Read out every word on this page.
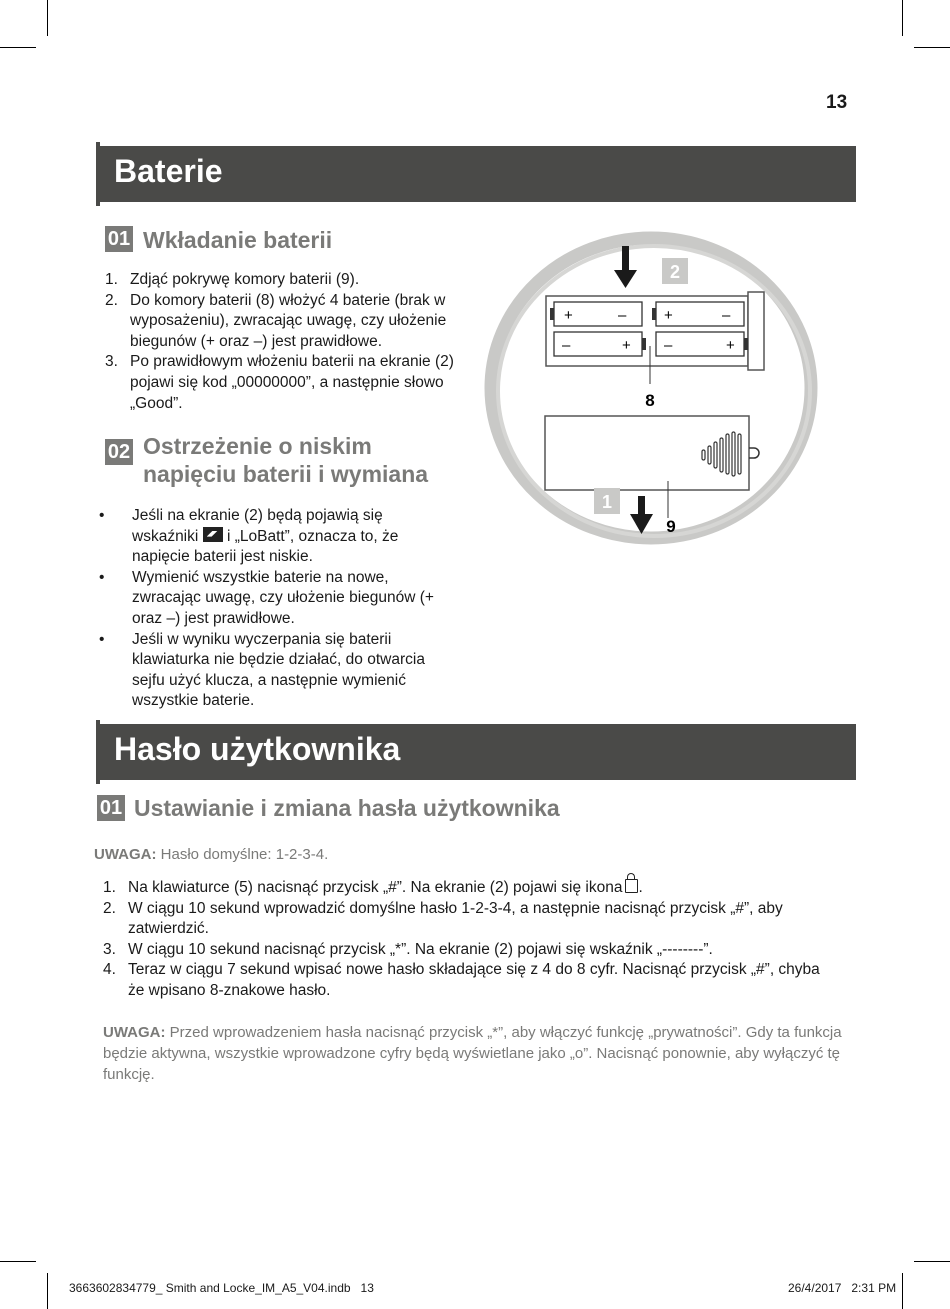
13
Baterie
01 Wkładanie baterii
1. Zdjąć pokrywę komory baterii (9).
2. Do komory baterii (8) włożyć 4 baterie (brak w wyposażeniu), zwracając uwagę, czy ułożenie biegunów (+ oraz –) jest prawidłowe.
3. Po prawidłowym włożeniu baterii na ekranie (2) pojawi się kod „00000000”, a następnie słowo „Good”.
02 Ostrzeżenie o niskim
napięciu baterii i wymiana
• Jeśli na ekranie (2) będą pojawią się wskaźniki i „LoBatt”, oznacza to, że napięcie baterii jest niskie.
• Wymienić wszystkie baterie na nowe, zwracając uwagę, czy ułożenie biegunów (+ oraz –) jest prawidłowe.
• Jeśli w wyniku wyczerpania się baterii klawiaturka nie będzie działać, do otwarcia sejfu użyć klucza, a następnie wymienić wszystkie baterie.
2
+	–	+	–
–	+ –	+
8
1
9
Hasło użytkownika
01 Ustawianie i zmiana hasła użytkownika
UWAGA: Hasło domyślne: 1-2-3-4.
1. Na klawiaturce (5) nacisnąć przycisk „#”. Na ekranie (2) pojawi się ikona .
2. W ciągu 10 sekund wprowadzić domyślne hasło 1-2-3-4, a następnie nacisnąć przycisk „#”, aby zatwierdzić.
3. W ciągu 10 sekund nacisnąć przycisk „*”. Na ekranie (2) pojawi się wskaźnik „--------”.
4. Teraz w ciągu 7 sekund wpisać nowe hasło składające się z 4 do 8 cyfr. Nacisnąć przycisk „#”, chyba że wpisano 8-znakowe hasło.
UWAGA: Przed wprowadzeniem hasła nacisnąć przycisk „*”, aby włączyć funkcję „prywatności”. Gdy ta funkcja będzie aktywna, wszystkie wprowadzone cyfry będą wyświetlane jako „o”. Nacisnąć ponownie, aby wyłączyć tę funkcję.
3663602834779_ Smith and Locke_IM_A5_V04.indb   13	26/4/2017   2:31 PM
